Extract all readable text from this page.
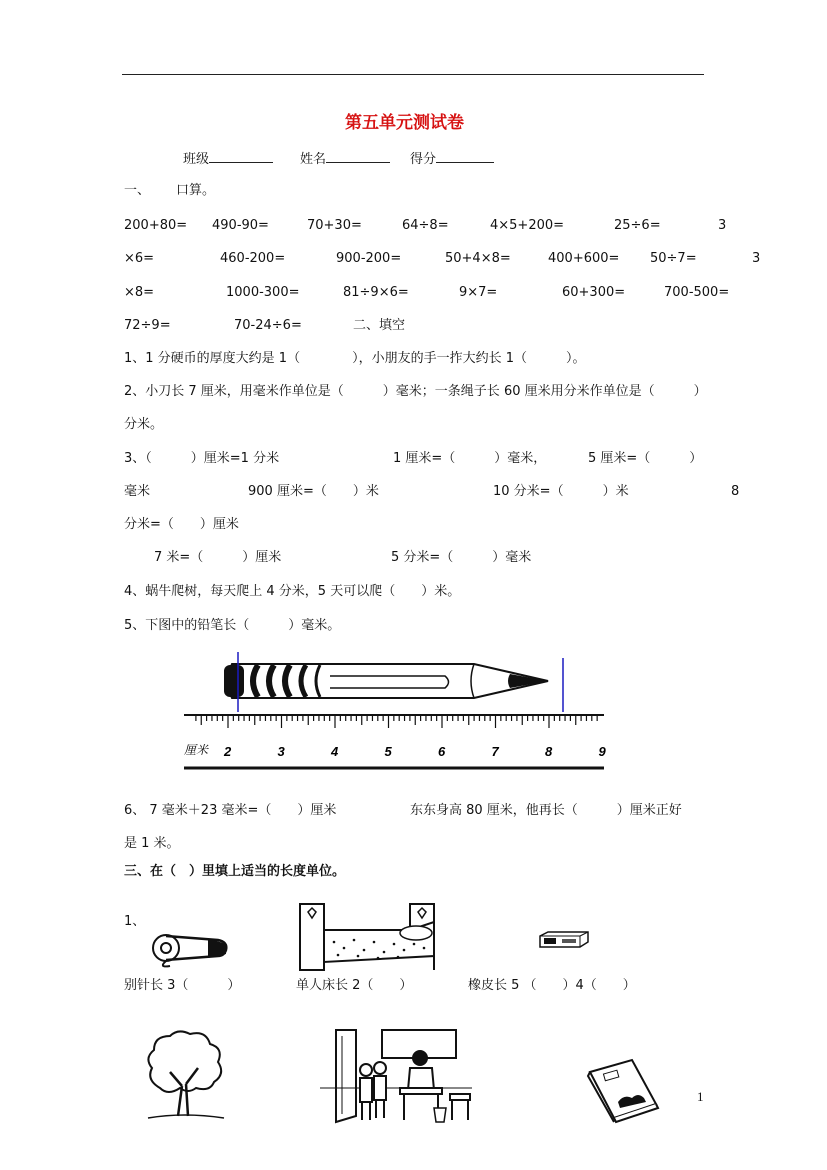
第五单元测试卷
班级	姓名	得分
一、 口算。
200+80= 490-90=	70+30=	64÷8=	4×5+200=	25÷6=	3
×6=	460-200=	900-200=	50+4×8=	400+600= 50÷7=	3
×8=	1000-300=	81÷9×6=	9×7=	60+300=	700-500=
72÷9=	70-24÷6=	二、填空
1、1 分硬币的厚度大约是 1（　　　　），小朋友的手一拃大约长 1（　　　）。
2、小刀长 7 厘米，用毫米作单位是（　　　）毫米；一条绳子长 60 厘米用分米作单位是（　　　）
分米。
3、（　　　）厘米=1 分米	1 厘米=（　　　）毫米，	5 厘米=（　　　）
毫米	900 厘米=（　　）米	10 分米=（　　　）米	8
分米=（　　）厘米
7 米=（　　　）厘米	5 分米=（　　　）毫米
4、蜗牛爬树，每天爬上 4 分米，5 天可以爬（　　）米。
5、下图中的铅笔长（　　　）毫米。
厘米 2	3	4	5	6	7	8	9
6、 7 毫米＋23 毫米=（　　）厘米	东东身高 80 厘米，他再长（　　　）厘米正好
是 1 米。
三、在（　）里填上适当的长度单位。
1、
别针长 3（　　　）	单人床长 2（　　）	橡皮长 5 （　　）4（　　）
1
